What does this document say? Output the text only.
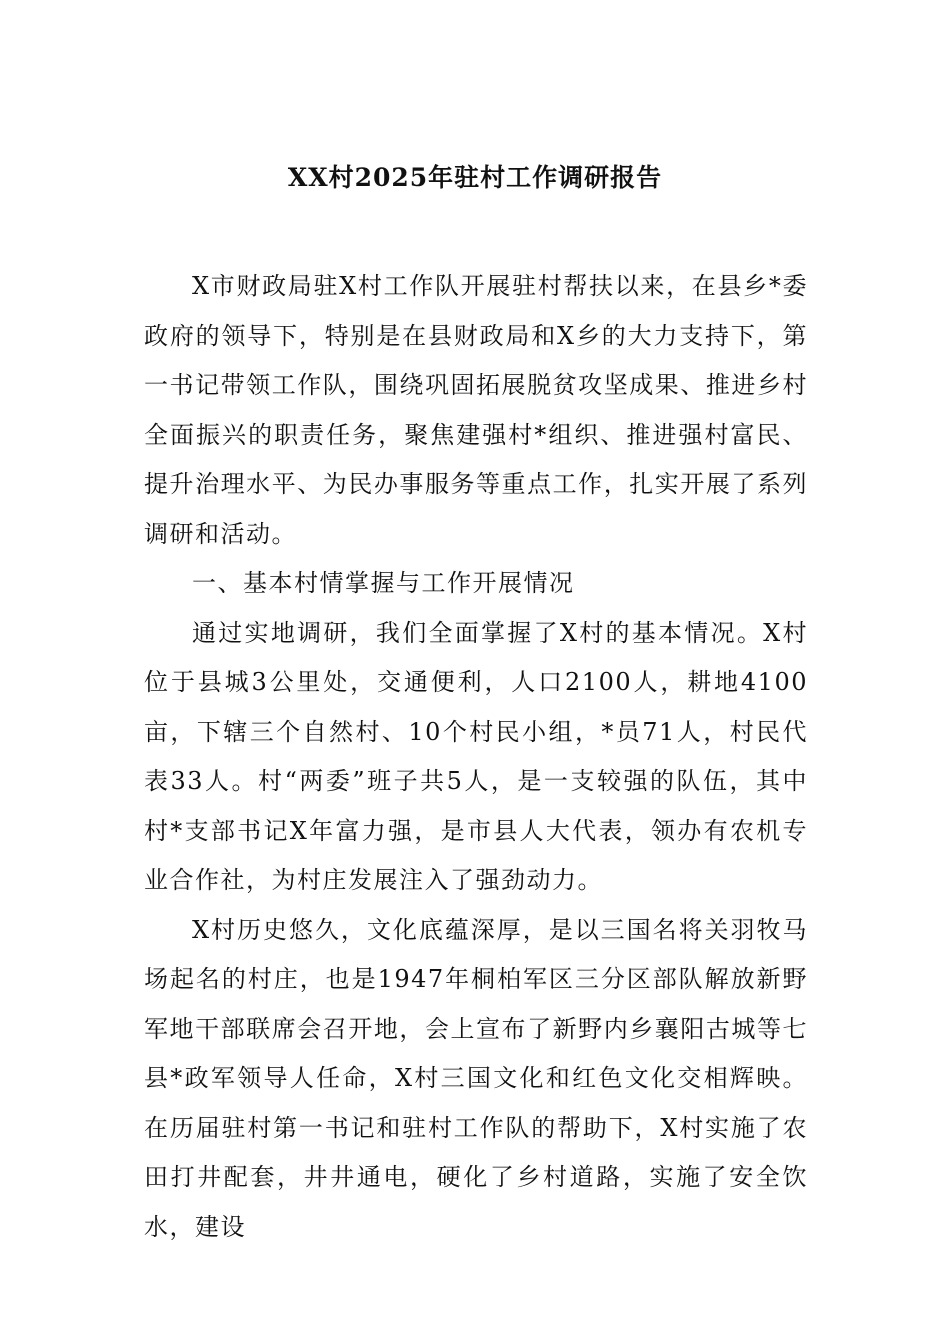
XX村2025年驻村工作调研报告

X市财政局驻X村工作队开展驻村帮扶以来，在县乡*委政府的领导下，特别是在县财政局和X乡的大力支持下，第一书记带领工作队，围绕巩固拓展脱贫攻坚成果、推进乡村全面振兴的职责任务，聚焦建强村*组织、推进强村富民、提升治理水平、为民办事服务等重点工作，扎实开展了系列调研和活动。

一、基本村情掌握与工作开展情况

通过实地调研，我们全面掌握了X村的基本情况。X村位于县城3公里处，交通便利，人口2100人，耕地4100亩，下辖三个自然村、10个村民小组，*员71人，村民代表33人。村“两委”班子共5人，是一支较强的队伍，其中村*支部书记X年富力强，是市县人大代表，领办有农机专业合作社，为村庄发展注入了强劲动力。

X村历史悠久，文化底蕴深厚，是以三国名将关羽牧马场起名的村庄，也是1947年桐柏军区三分区部队解放新野军地干部联席会召开地，会上宣布了新野内乡襄阳古城等七县*政军领导人任命，X村三国文化和红色文化交相辉映。在历届驻村第一书记和驻村工作队的帮助下，X村实施了农田打井配套，井井通电，硬化了乡村道路，实施了安全饮水，建设
